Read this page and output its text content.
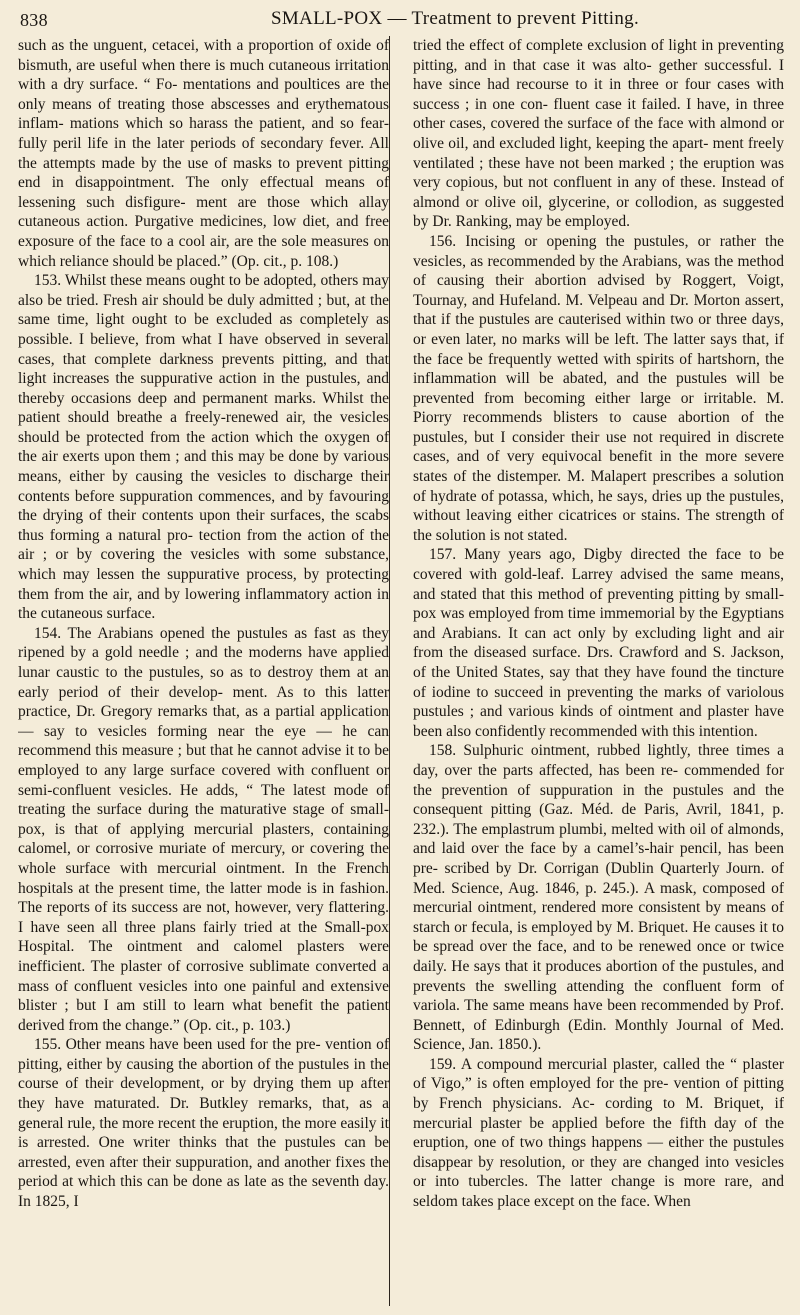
838	SMALL-POX — Treatment to prevent Pitting.

such as the unguent, cetacei, with a proportion of oxide of bismuth, are useful when there is much cutaneous irritation with a dry surface. “ Fo- mentations and poultices are the only means of treating those abscesses and erythematous inflam- mations which so harass the patient, and so fear- fully peril life in the later periods of secondary fever. All the attempts made by the use of masks to prevent pitting end in disappointment. The only effectual means of lessening such disfigure- ment are those which allay cutaneous action. Purgative medicines, low diet, and free exposure of the face to a cool air, are the sole measures on which reliance should be placed.” (Op. cit., p. 108.)

153. Whilst these means ought to be adopted, others may also be tried. Fresh air should be duly admitted ; but, at the same time, light ought to be excluded as completely as possible. I believe, from what I have observed in several cases, that complete darkness prevents pitting, and that light increases the suppurative action in the pustules, and thereby occasions deep and permanent marks. Whilst the patient should breathe a freely-renewed air, the vesicles should be protected from the action which the oxygen of the air exerts upon them ; and this may be done by various means, either by causing the vesicles to discharge their contents before suppuration commences, and by favouring the drying of their contents upon their surfaces, the scabs thus forming a natural pro- tection from the action of the air ; or by covering the vesicles with some substance, which may lessen the suppurative process, by protecting them from the air, and by lowering inflammatory action in the cutaneous surface.

154. The Arabians opened the pustules as fast as they ripened by a gold needle ; and the moderns have applied lunar caustic to the pustules, so as to destroy them at an early period of their develop- ment. As to this latter practice, Dr. Gregory remarks that, as a partial application — say to vesicles forming near the eye — he can recommend this measure ; but that he cannot advise it to be employed to any large surface covered with confluent or semi-confluent vesicles. He adds, “ The latest mode of treating the surface during the maturative stage of small-pox, is that of applying mercurial plasters, containing calomel, or corrosive muriate of mercury, or covering the whole surface with mercurial ointment. In the French hospitals at the present time, the latter mode is in fashion. The reports of its success are not, however, very flattering. I have seen all three plans fairly tried at the Small-pox Hospital. The ointment and calomel plasters were inefficient. The plaster of corrosive sublimate converted a mass of confluent vesicles into one painful and extensive blister ; but I am still to learn what benefit the patient derived from the change.” (Op. cit., p. 103.)

155. Other means have been used for the pre- vention of pitting, either by causing the abortion of the pustules in the course of their development, or by drying them up after they have maturated. Dr. Butkley remarks, that, as a general rule, the more recent the eruption, the more easily it is arrested. One writer thinks that the pustules can be arrested, even after their suppuration, and another fixes the period at which this can be done as late as the seventh day. In 1825, I

tried the effect of complete exclusion of light in preventing pitting, and in that case it was alto- gether successful. I have since had recourse to it in three or four cases with success ; in one con- fluent case it failed. I have, in three other cases, covered the surface of the face with almond or olive oil, and excluded light, keeping the apart- ment freely ventilated ; these have not been marked ; the eruption was very copious, but not confluent in any of these. Instead of almond or olive oil, glycerine, or collodion, as suggested by Dr. Ranking, may be employed.

156. Incising or opening the pustules, or rather the vesicles, as recommended by the Arabians, was the method of causing their abortion advised by Roggert, Voigt, Tournay, and Hufeland. M. Velpeau and Dr. Morton assert, that if the pustules are cauterised within two or three days, or even later, no marks will be left. The latter says that, if the face be frequently wetted with spirits of hartshorn, the inflammation will be abated, and the pustules will be prevented from becoming either large or irritable. M. Piorry recommends blisters to cause abortion of the pustules, but I consider their use not required in discrete cases, and of very equivocal benefit in the more severe states of the distemper. M. Malapert prescribes a solution of hydrate of potassa, which, he says, dries up the pustules, without leaving either cicatrices or stains. The strength of the solution is not stated.

157. Many years ago, Digby directed the face to be covered with gold-leaf. Larrey advised the same means, and stated that this method of preventing pitting by small-pox was employed from time immemorial by the Egyptians and Arabians. It can act only by excluding light and air from the diseased surface. Drs. Crawford and S. Jackson, of the United States, say that they have found the tincture of iodine to succeed in preventing the marks of variolous pustules ; and various kinds of ointment and plaster have been also confidently recommended with this intention.

158. Sulphuric ointment, rubbed lightly, three times a day, over the parts affected, has been re- commended for the prevention of suppuration in the pustules and the consequent pitting (Gaz. Méd. de Paris, Avril, 1841, p. 232.). The emplastrum plumbi, melted with oil of almonds, and laid over the face by a camel’s-hair pencil, has been pre- scribed by Dr. Corrigan (Dublin Quarterly Journ. of Med. Science, Aug. 1846, p. 245.). A mask, composed of mercurial ointment, rendered more consistent by means of starch or fecula, is employed by M. Briquet. He causes it to be spread over the face, and to be renewed once or twice daily. He says that it produces abortion of the pustules, and prevents the swelling attending the confluent form of variola. The same means have been recommended by Prof. Bennett, of Edinburgh (Edin. Monthly Journal of Med. Science, Jan. 1850.).

159. A compound mercurial plaster, called the “ plaster of Vigo,” is often employed for the pre- vention of pitting by French physicians. Ac- cording to M. Briquet, if mercurial plaster be applied before the fifth day of the eruption, one of two things happens — either the pustules disappear by resolution, or they are changed into vesicles or into tubercles. The latter change is more rare, and seldom takes place except on the face. When
